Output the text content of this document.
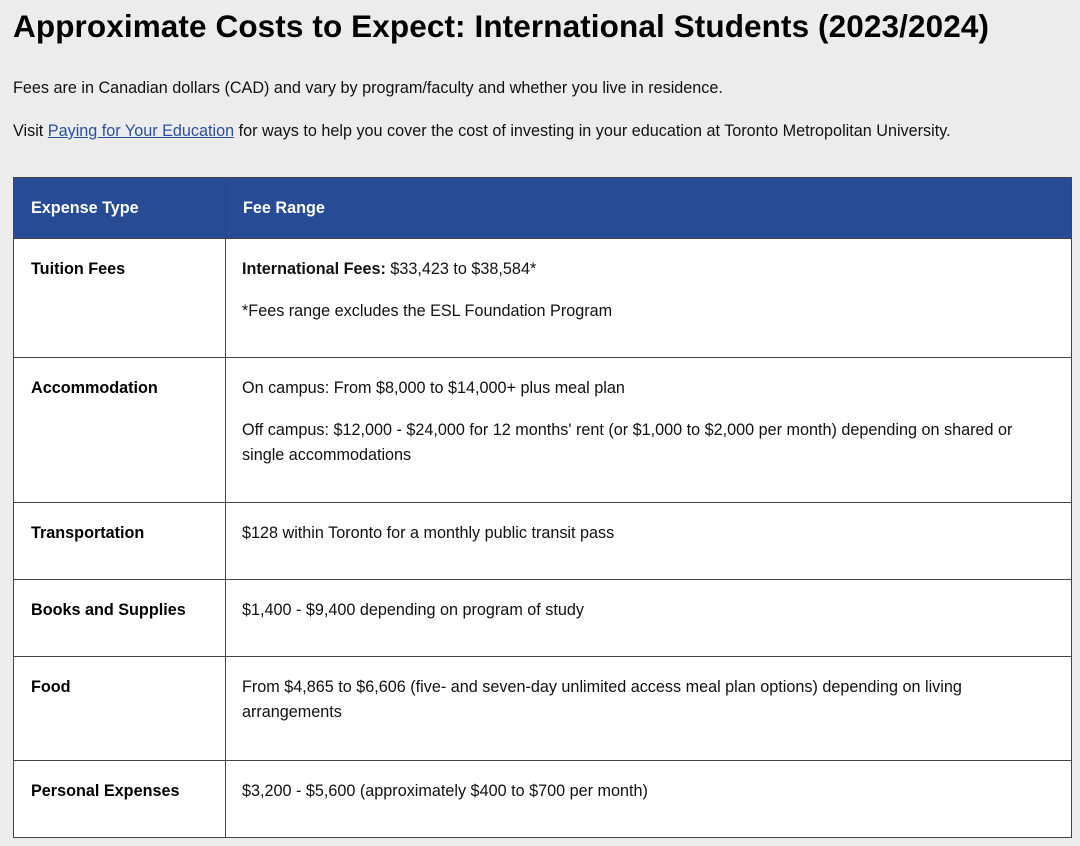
Approximate Costs to Expect: International Students (2023/2024)

Fees are in Canadian dollars (CAD) and vary by program/faculty and whether you live in residence.

Visit Paying for Your Education for ways to help you cover the cost of investing in your education at Toronto Metropolitan University.

Expense Type	Fee Range
Tuition Fees	International Fees: $33,423 to $38,584*
*Fees range excludes the ESL Foundation Program

Accommodation	On campus: From $8,000 to $14,000+ plus meal plan
Off campus: $12,000 - $24,000 for 12 months' rent (or $1,000 to $2,000 per month) depending on shared or single accommodations

Transportation	$128 within Toronto for a monthly public transit pass

Books and Supplies	$1,400 - $9,400 depending on program of study

Food	From $4,865 to $6,606 (five- and seven-day unlimited access meal plan options) depending on living arrangements

Personal Expenses	$3,200 - $5,600 (approximately $400 to $700 per month)
